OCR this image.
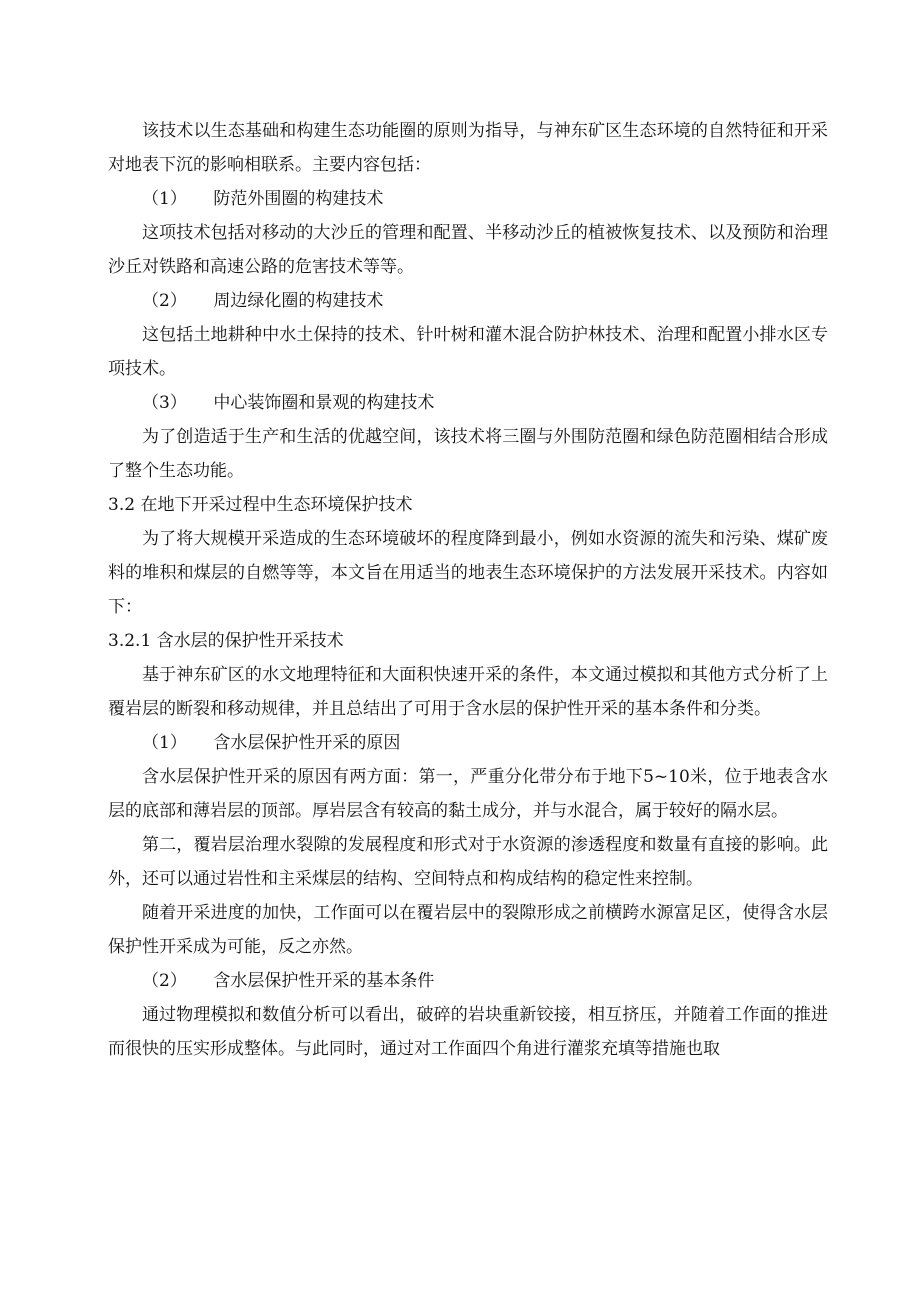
该技术以生态基础和构建生态功能圈的原则为指导，与神东矿区生态环境的自然特征和开采对地表下沉的影响相联系。主要内容包括：

（1） 防范外围圈的构建技术

这项技术包括对移动的大沙丘的管理和配置、半移动沙丘的植被恢复技术、以及预防和治理沙丘对铁路和高速公路的危害技术等等。

（2） 周边绿化圈的构建技术

这包括土地耕种中水土保持的技术、针叶树和灌木混合防护林技术、治理和配置小排水区专项技术。

（3） 中心装饰圈和景观的构建技术

为了创造适于生产和生活的优越空间，该技术将三圈与外围防范圈和绿色防范圈相结合形成了整个生态功能。

3.2 在地下开采过程中生态环境保护技术

为了将大规模开采造成的生态环境破坏的程度降到最小，例如水资源的流失和污染、煤矿废料的堆积和煤层的自燃等等，本文旨在用适当的地表生态环境保护的方法发展开采技术。内容如下：

3.2.1 含水层的保护性开采技术

基于神东矿区的水文地理特征和大面积快速开采的条件，本文通过模拟和其他方式分析了上覆岩层的断裂和移动规律，并且总结出了可用于含水层的保护性开采的基本条件和分类。

（1） 含水层保护性开采的原因

含水层保护性开采的原因有两方面：第一，严重分化带分布于地下5~10米，位于地表含水层的底部和薄岩层的顶部。厚岩层含有较高的黏土成分，并与水混合，属于较好的隔水层。

第二，覆岩层治理水裂隙的发展程度和形式对于水资源的渗透程度和数量有直接的影响。此外，还可以通过岩性和主采煤层的结构、空间特点和构成结构的稳定性来控制。

随着开采进度的加快，工作面可以在覆岩层中的裂隙形成之前横跨水源富足区，使得含水层保护性开采成为可能，反之亦然。

（2） 含水层保护性开采的基本条件

通过物理模拟和数值分析可以看出，破碎的岩块重新铰接，相互挤压，并随着工作面的推进而很快的压实形成整体。与此同时，通过对工作面四个角进行灌浆充填等措施也取
